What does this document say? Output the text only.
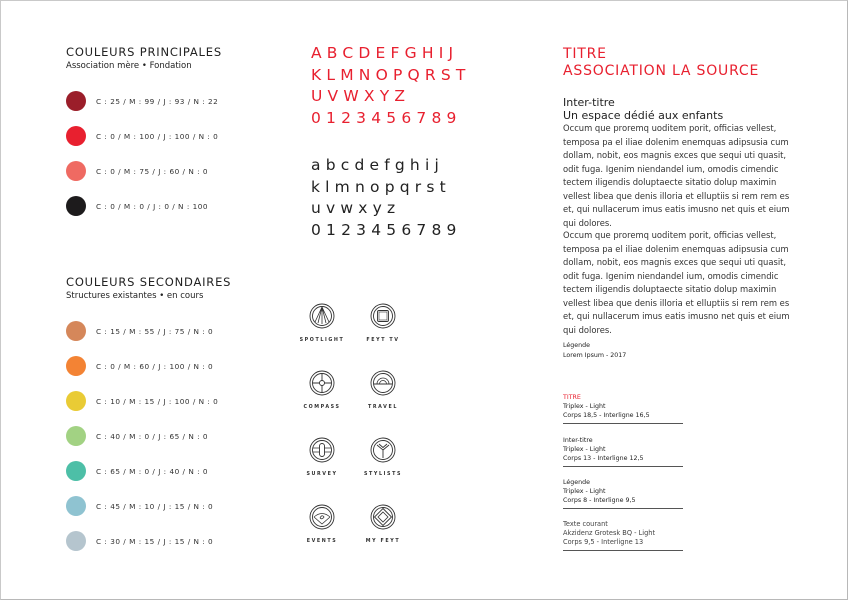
COULEURS PRINCIPALES
Association mère • Fondation
C : 25 / M : 99 / J : 93 / N : 22
C : 0 / M : 100 / J : 100 / N : 0
C : 0 / M : 75 / J : 60 / N : 0
C : 0 / M : 0 / J : 0 / N : 100
COULEURS SECONDAIRES
Structures existantes • en cours
C : 15 / M : 55 / J : 75 / N : 0
C : 0 / M : 60 / J : 100 / N : 0
C : 10 / M : 15 / J : 100 / N : 0
C : 40 / M : 0 / J : 65 / N : 0
C : 65 / M : 0 / J : 40 / N : 0
C : 45 / M : 10 / J : 15 / N : 0
C : 30 / M : 15 / J : 15 / N : 0
ABCDEFGHIJ
KLMNOPQRST
UVWXYZ
0123456789
abcdefghij
klmnopqrst
uvwxyz
0123456789
SPOTLIGHT	FEYT TV
COMPASS	TRAVEL
SURVEY	STYLISTS
EVENTS	MY FEYT
TITRE
ASSOCIATION LA SOURCE
Inter-titre
Un espace dédié aux enfants
Occum que proremq uoditem porit, officias vellest, temposa pa el iliae dolenim enemquas adipsusia cum dollam, nobit, eos magnis exces que sequi uti quasit, odit fuga. Igenim niendandel ium, omodis cimendic tectem iligendis doluptaecte sitatio dolup maximin vellest libea que denis illoria et elluptiis si rem rem es et, qui nullacerum imus eatis imusno net quis et eium qui dolores.
Occum que proremq uoditem porit, officias vellest, temposa pa el iliae dolenim enemquas adipsusia cum dollam, nobit, eos magnis exces que sequi uti quasit, odit fuga. Igenim niendandel ium, omodis cimendic tectem iligendis doluptaecte sitatio dolup maximin vellest libea que denis illoria et elluptiis si rem rem es et, qui nullacerum imus eatis imusno net quis et eium qui dolores.
Légende
Lorem Ipsum - 2017
TITRE
Triplex - Light
Corps 18,5 - Interligne 16,5
Inter-titre
Triplex - Light
Corps 13 - Interligne 12,5
Légende
Triplex - Light
Corps 8 - Interligne 9,5
Texte courant
Akzidenz Grotesk BQ - Light
Corps 9,5 - Interligne 13
